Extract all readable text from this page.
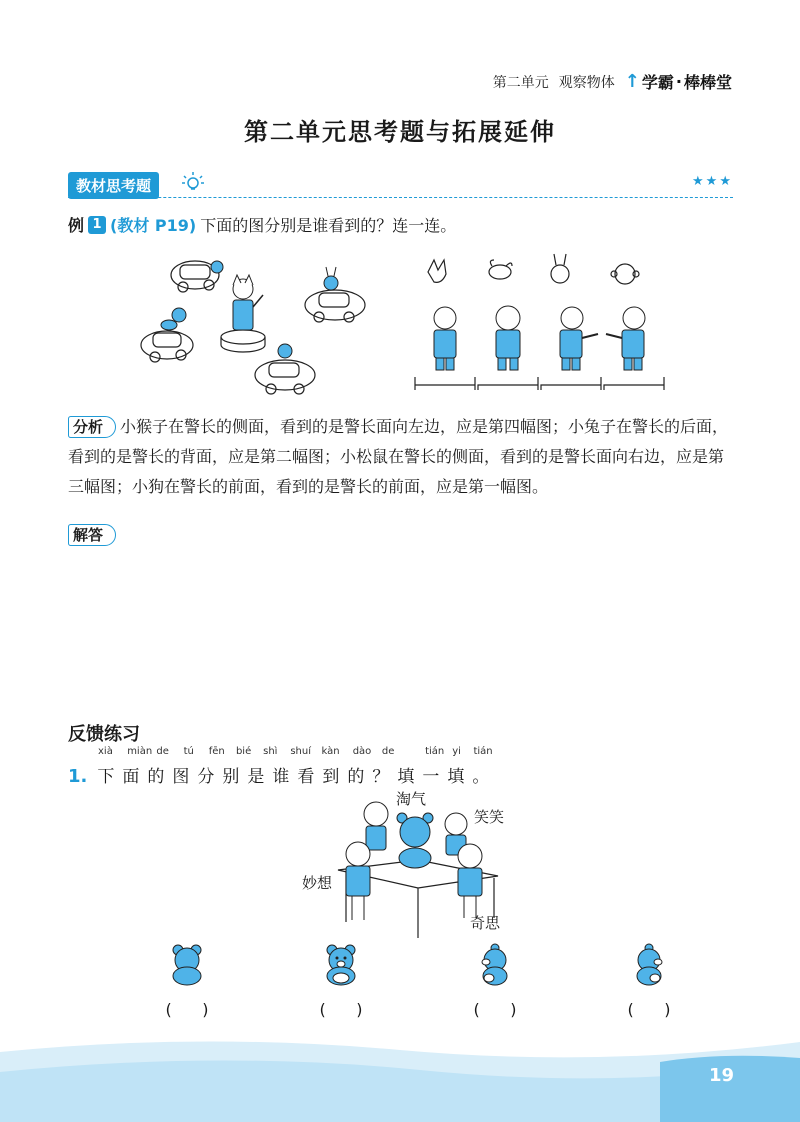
第二单元 观察物体 ↑ 学霸 · 棒棒堂
第二单元思考题与拓展延伸
教材思考题	★★★
例 1 (教材 P19) 下面的图分别是谁看到的？连一连。
分析 小猴子在警长的侧面，看到的是警长面向左边，应是第四幅图；小兔子在警长的后面，看到的是警长的背面，应是第二幅图；小松鼠在警长的侧面，看到的是警长面向右边，应是第三幅图；小狗在警长的前面，看到的是警长的前面，应是第一幅图。
解答
反馈练习
xià miàn de tú fēn bié shì shuí kàn dào de	tián yi tián
1. 下面的图分别是谁看到的？填一填。
淘气
笑笑
妙想
奇思
(      )	(      )	(      )	(      )
19
